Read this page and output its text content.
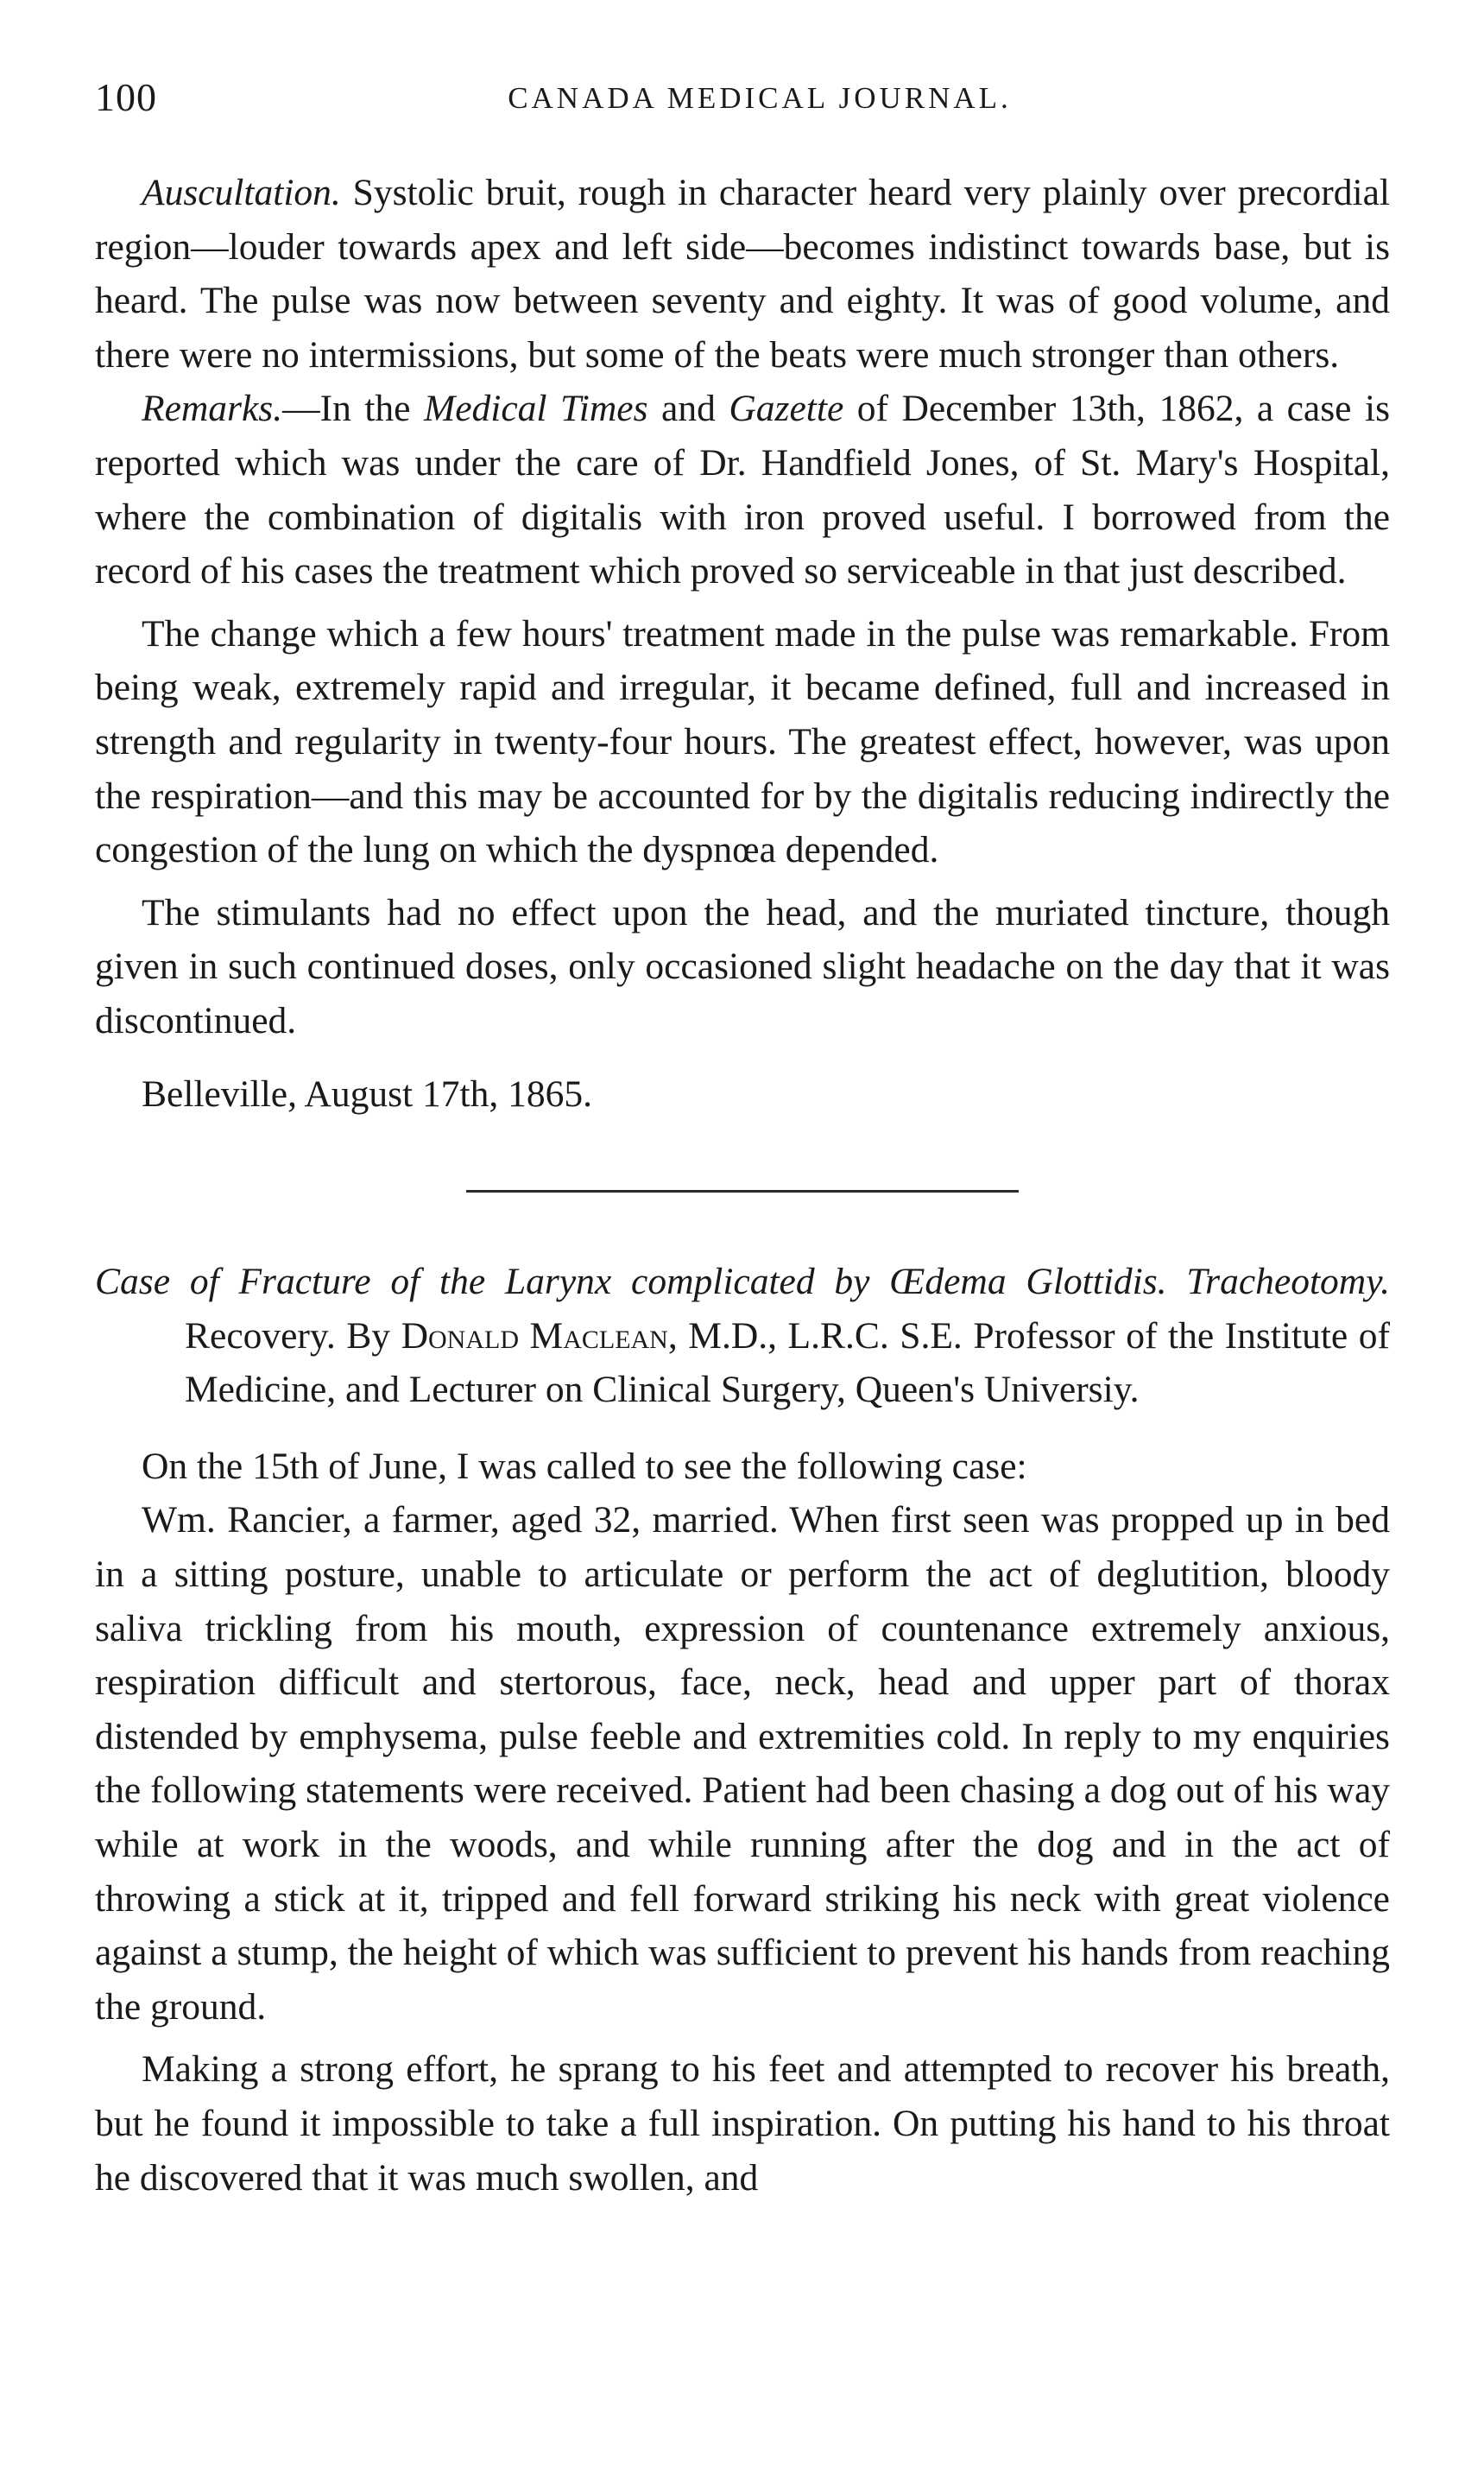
100	CANADA MEDICAL JOURNAL.

Auscultation. Systolic bruit, rough in character heard very plainly over precordial region—louder towards apex and left side—becomes indistinct towards base, but is heard. The pulse was now between seventy and eighty. It was of good volume, and there were no intermissions, but some of the beats were much stronger than others.

Remarks.—In the Medical Times and Gazette of December 13th, 1862, a case is reported which was under the care of Dr. Handfield Jones, of St. Mary's Hospital, where the combination of digitalis with iron proved useful. I borrowed from the record of his cases the treatment which proved so serviceable in that just described.

The change which a few hours' treatment made in the pulse was remarkable. From being weak, extremely rapid and irregular, it became defined, full and increased in strength and regularity in twenty-four hours. The greatest effect, however, was upon the respiration—and this may be accounted for by the digitalis reducing indirectly the congestion of the lung on which the dyspnœa depended.

The stimulants had no effect upon the head, and the muriated tincture, though given in such continued doses, only occasioned slight headache on the day that it was discontinued.

Belleville, August 17th, 1865.

Case of Fracture of the Larynx complicated by Œdema Glottidis. Tracheotomy. Recovery. By Donald Maclean, M.D., L.R.C. S.E. Professor of the Institute of Medicine, and Lecturer on Clinical Surgery, Queen's Universiy.

On the 15th of June, I was called to see the following case:

Wm. Rancier, a farmer, aged 32, married. When first seen was propped up in bed in a sitting posture, unable to articulate or perform the act of deglutition, bloody saliva trickling from his mouth, expression of countenance extremely anxious, respiration difficult and stertorous, face, neck, head and upper part of thorax distended by emphysema, pulse feeble and extremities cold. In reply to my enquiries the following statements were received. Patient had been chasing a dog out of his way while at work in the woods, and while running after the dog and in the act of throwing a stick at it, tripped and fell forward striking his neck with great violence against a stump, the height of which was sufficient to prevent his hands from reaching the ground.

Making a strong effort, he sprang to his feet and attempted to recover his breath, but he found it impossible to take a full inspiration. On putting his hand to his throat he discovered that it was much swollen, and
